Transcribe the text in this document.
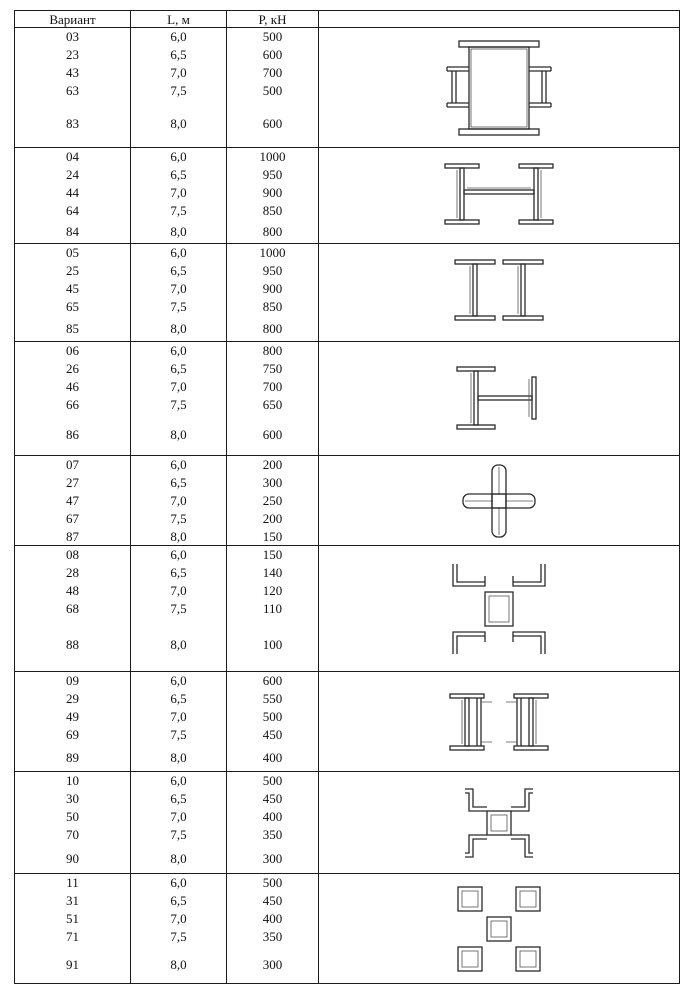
Вариант	L, м	P, кН	
03	6,0	500	

23	6,5	600	
43	7,0	700	
63	7,5	500	
83	8,0	600	
04	6,0	1000	

24	6,5	950	
44	7,0	900	
64	7,5	850	
84	8,0	800	
05	6,0	1000	

25	6,5	950	
45	7,0	900	
65	7,5	850	
85	8,0	800	
06	6,0	800	

26	6,5	750	
46	7,0	700	
66	7,5	650	
86	8,0	600	
07	6,0	200	

27	6,5	300	
47	7,0	250	
67	7,5	200	
87	8,0	150	
08	6,0	150	

28	6,5	140	
48	7,0	120	
68	7,5	110	
88	8,0	100	
09	6,0	600	

29	6,5	550	
49	7,0	500	
69	7,5	450	
89	8,0	400	
10	6,0	500	

30	6,5	450	
50	7,0	400	
70	7,5	350	
90	8,0	300	
11	6,0	500	

31	6,5	450	
51	7,0	400	
71	7,5	350	
91	8,0	300	
